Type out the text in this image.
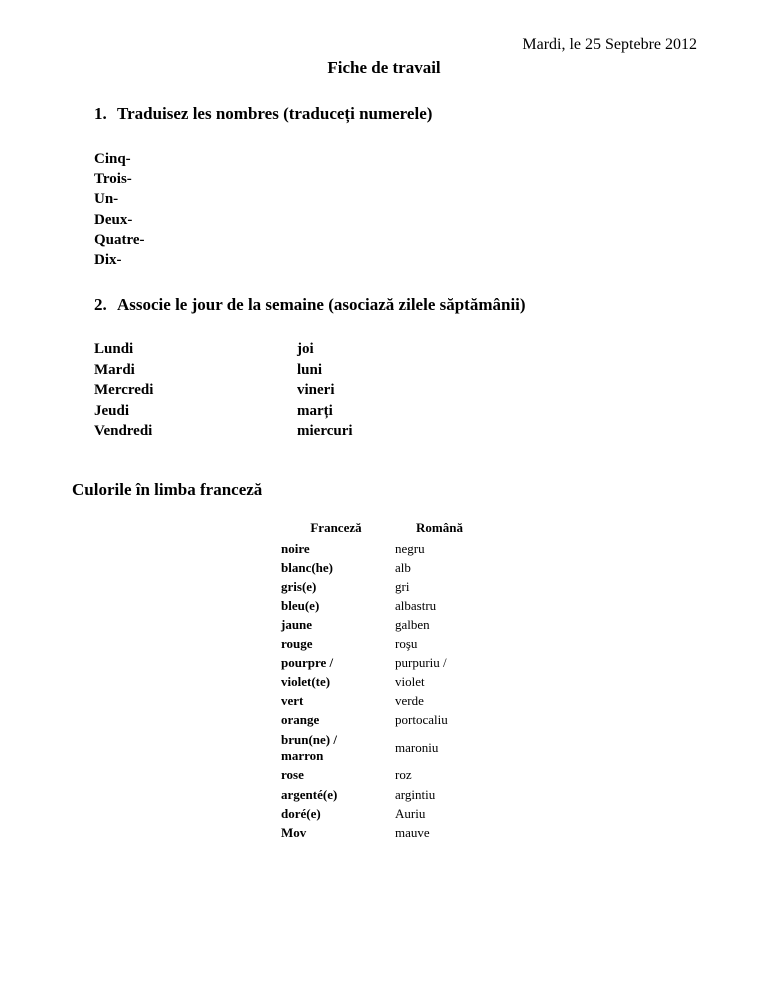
Mardi, le 25 Septebre 2012
Fiche de travail
1. Traduisez les nombres (traduceți numerele)
Cinq-
Trois-
Un-
Deux-
Quatre-
Dix-
2. Associe le jour de la semaine (asociază zilele săptămânii)
Lundi	joi
Mardi	luni
Mercredi	vineri
Jeudi	marți
Vendredi	miercuri
Culorile în limba franceză
Franceză	Română
noire	negru
blanc(he)	alb
gris(e)	gri
bleu(e)	albastru
jaune	galben
rouge	roşu
pourpre /	purpuriu /
violet(te)	violet
vert	verde
orange	portocaliu
brun(ne) /
marron	maroniu
rose	roz
argenté(e)	argintiu
doré(e)	Auriu
Mov	mauve
